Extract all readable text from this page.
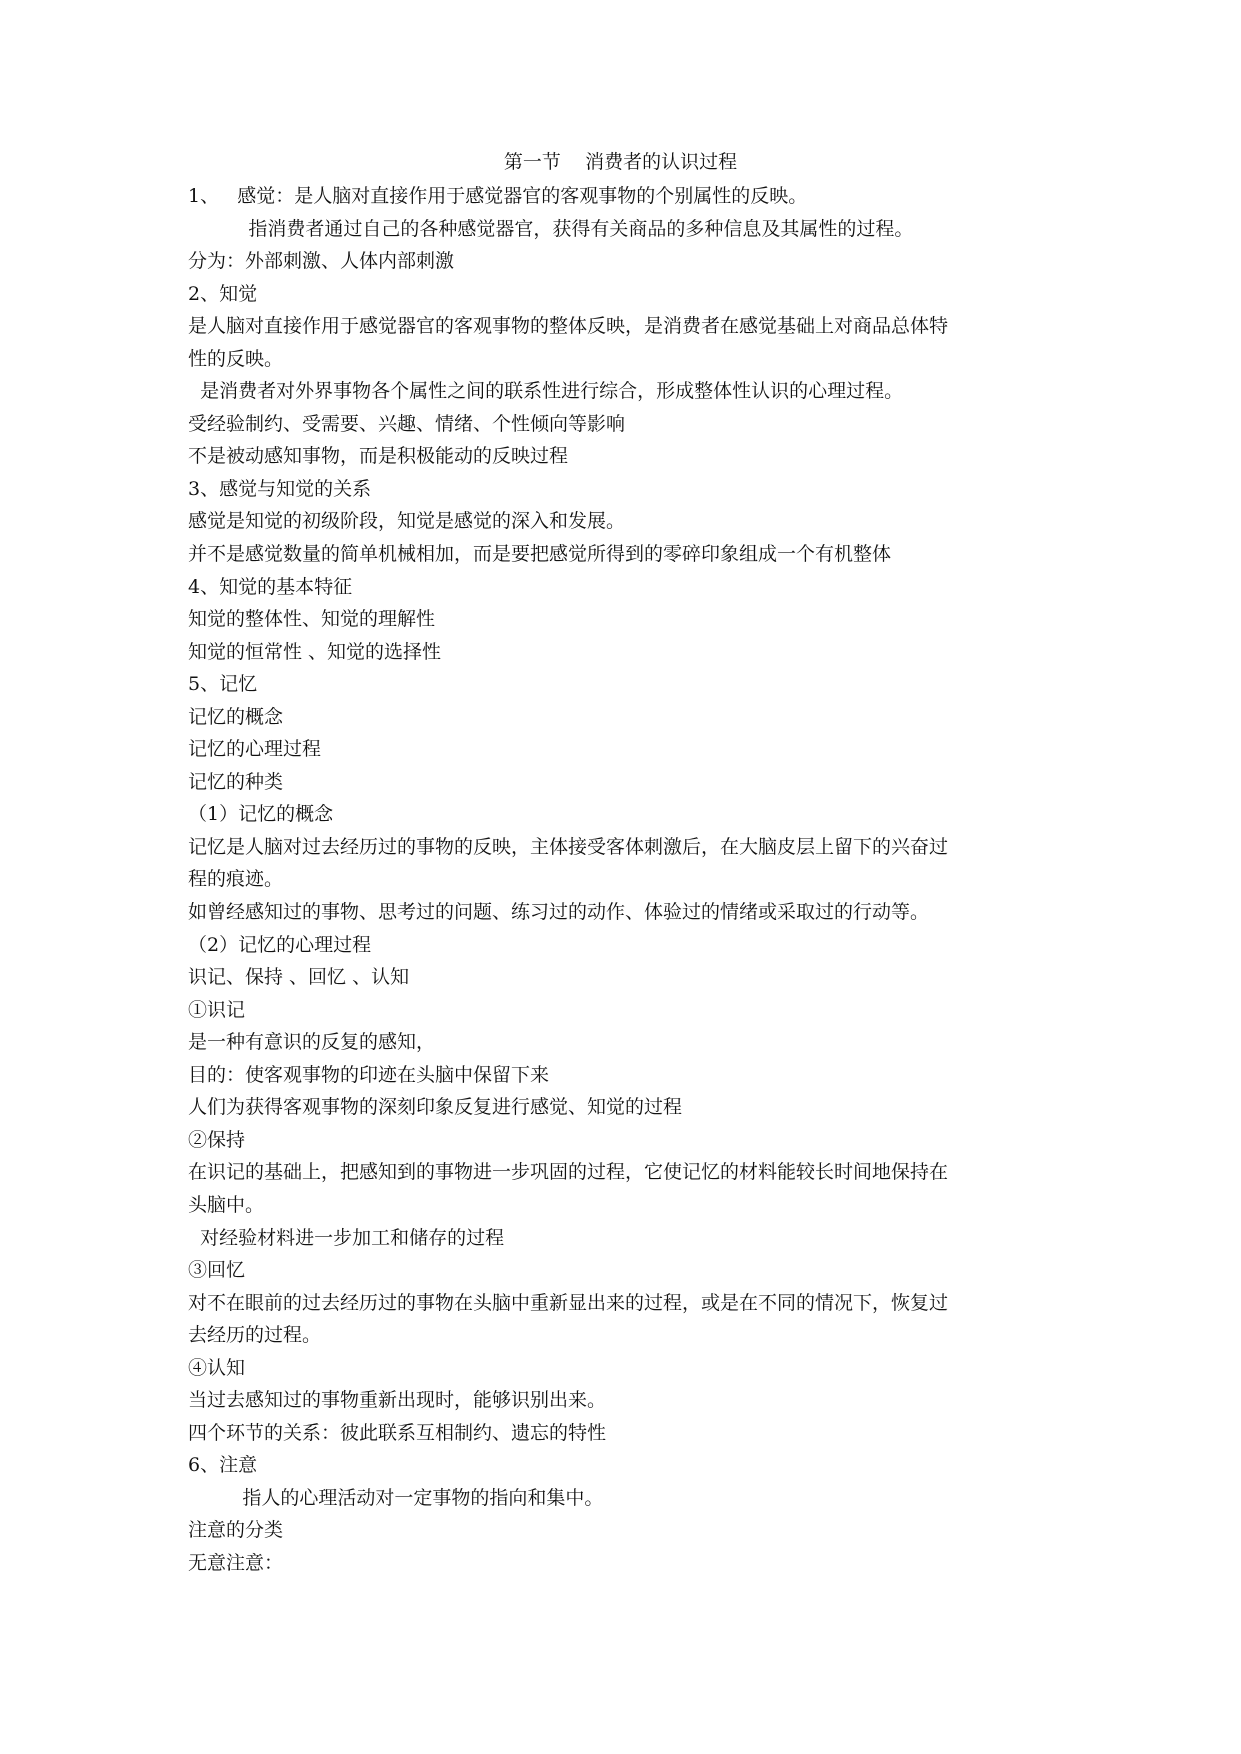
第一节    消费者的认识过程
1、   感觉：是人脑对直接作用于感觉器官的客观事物的个别属性的反映。
指消费者通过自己的各种感觉器官，获得有关商品的多种信息及其属性的过程。
分为：外部刺激、人体内部刺激
2、知觉
是人脑对直接作用于感觉器官的客观事物的整体反映，是消费者在感觉基础上对商品总体特
性的反映。
是消费者对外界事物各个属性之间的联系性进行综合，形成整体性认识的心理过程。
受经验制约、受需要、兴趣、情绪、个性倾向等影响
不是被动感知事物，而是积极能动的反映过程
3、感觉与知觉的关系
感觉是知觉的初级阶段，知觉是感觉的深入和发展。
并不是感觉数量的简单机械相加，而是要把感觉所得到的零碎印象组成一个有机整体
4、知觉的基本特征
知觉的整体性、知觉的理解性
知觉的恒常性 、知觉的选择性
5、记忆
记忆的概念
记忆的心理过程
记忆的种类
（1）记忆的概念
记忆是人脑对过去经历过的事物的反映，主体接受客体刺激后，在大脑皮层上留下的兴奋过
程的痕迹。
如曾经感知过的事物、思考过的问题、练习过的动作、体验过的情绪或采取过的行动等。
（2）记忆的心理过程
识记、保持 、回忆 、认知
①识记
是一种有意识的反复的感知，
目的：使客观事物的印迹在头脑中保留下来
人们为获得客观事物的深刻印象反复进行感觉、知觉的过程
②保持
在识记的基础上，把感知到的事物进一步巩固的过程，它使记忆的材料能较长时间地保持在
头脑中。
对经验材料进一步加工和储存的过程
③回忆
对不在眼前的过去经历过的事物在头脑中重新显出来的过程，或是在不同的情况下，恢复过
去经历的过程。
④认知
当过去感知过的事物重新出现时，能够识别出来。
四个环节的关系：彼此联系互相制约、遗忘的特性
6、注意
指人的心理活动对一定事物的指向和集中。
注意的分类
无意注意：
